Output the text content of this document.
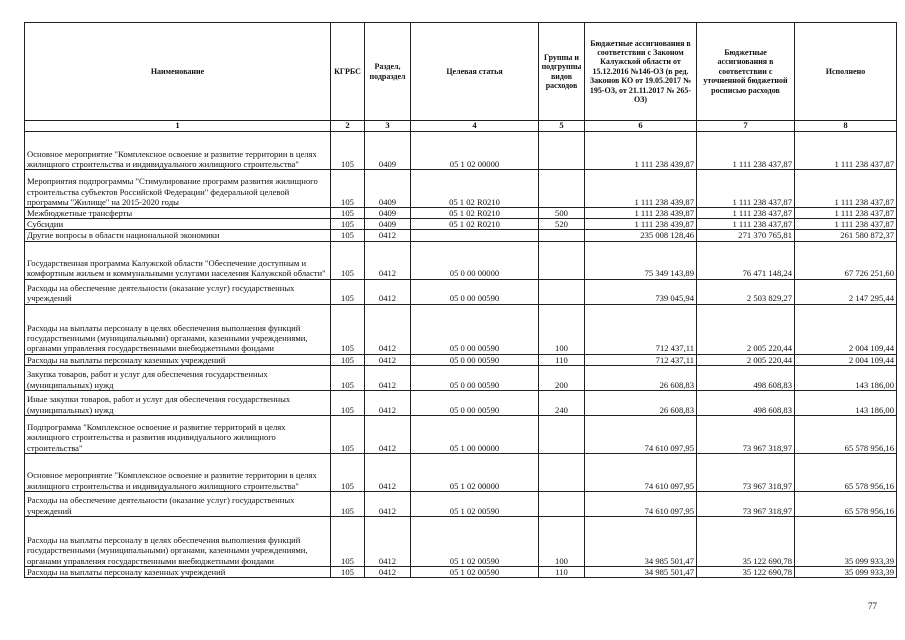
Наименование	КГРБС	Раздел, подраздел	Целевая статья	Группы и подгруппы видов расходов	Бюджетные ассигнования в соответствии с Законом Калужской области от 15.12.2016 №146-ОЗ (в ред. Законов КО от 19.05.2017 № 195-ОЗ, от 21.11.2017 № 265-ОЗ)	Бюджетные ассигнования в соответствии с уточненной бюджетной росписью расходов	Исполнено
1	2	3	4	5	6	7	8
Основное мероприятие "Комплексное освоение и развитие территории в целях жилищного строительства и индивидуального жилищного строительства"	105	0409	05 1 02 00000		1 111 238 439,87	1 111 238 437,87	1 111 238 437,87
Мероприятия подпрограммы "Стимулирование программ развития жилищного строительства субъектов Российской Федерации" федеральной целевой программы "Жилище" на 2015-2020 годы	105	0409	05 1 02 R0210		1 111 238 439,87	1 111 238 437,87	1 111 238 437,87
Межбюджетные трансферты	105	0409	05 1 02 R0210	500	1 111 238 439,87	1 111 238 437,87	1 111 238 437,87
Субсидии	105	0409	05 1 02 R0210	520	1 111 238 439,87	1 111 238 437,87	1 111 238 437,87
Другие вопросы в области национальной экономики	105	0412			235 008 128,46	271 370 765,81	261 580 872,37
Государственная программа Калужской области "Обеспечение доступным и комфортным жильем и коммунальными услугами населения Калужской области"	105	0412	05 0 00 00000		75 349 143,89	76 471 148,24	67 726 251,60
Расходы на обеспечение деятельности (оказание услуг) государственных учреждений	105	0412	05 0 00 00590		739 045,94	2 503 829,27	2 147 295,44
Расходы на выплаты персоналу в целях обеспечения выполнения функций государственными (муниципальными) органами, казенными учреждениями, органами управления государственными внебюджетными фондами	105	0412	05 0 00 00590	100	712 437,11	2 005 220,44	2 004 109,44
Расходы на выплаты персоналу казенных учреждений	105	0412	05 0 00 00590	110	712 437,11	2 005 220,44	2 004 109,44
Закупка товаров, работ и услуг для обеспечения государственных (муниципальных) нужд	105	0412	05 0 00 00590	200	26 608,83	498 608,83	143 186,00
Иные закупки товаров, работ и услуг для обеспечения государственных (муниципальных) нужд	105	0412	05 0 00 00590	240	26 608,83	498 608,83	143 186,00
Подпрограмма "Комплексное освоение и развитие территорий в целях жилищного строительства и развития индивидуального жилищного строительства"	105	0412	05 1 00 00000		74 610 097,95	73 967 318,97	65 578 956,16
Основное мероприятие "Комплексное освоение и развитие территории в целях жилищного строительства и индивидуального жилищного строительства"	105	0412	05 1 02 00000		74 610 097,95	73 967 318,97	65 578 956,16
Расходы на обеспечение деятельности (оказание услуг) государственных учреждений	105	0412	05 1 02 00590		74 610 097,95	73 967 318,97	65 578 956,16
Расходы на выплаты персоналу в целях обеспечения выполнения функций государственными (муниципальными) органами, казенными учреждениями, органами управления государственными внебюджетными фондами	105	0412	05 1 02 00590	100	34 985 501,47	35 122 690,78	35 099 933,39
Расходы на выплаты персоналу казенных учреждений	105	0412	05 1 02 00590	110	34 985 501,47	35 122 690,78	35 099 933,39
77
